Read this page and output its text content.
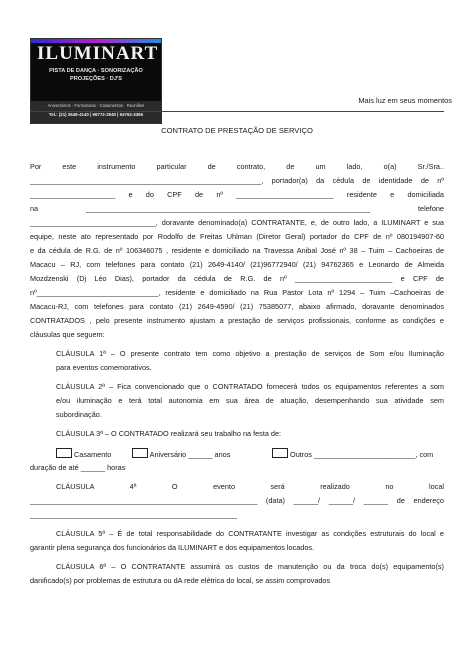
ILUMINART
PISTA DE DANÇA · SONORIZAÇÃO
PROJEÇÕES · DJ'S
Aniversários · Formaturas · Casamentos · Reuniões
Tel.: (21) 2649-4140 | 96772-2940 | 94762-3365
Mais luz em seus momentos
CONTRATO DE PRESTAÇÃO DE SERVIÇO
Por este instrumento particular de contrato, de um lado, o(a) Sr./Sra..
_________________________________________________________, portador(a) da cédula de identidade de nº
_____________________ e do CPF de nº ________________________ residente e domiciliada
na ______________________________________________________________________ telefone
_______________________________, doravante denominado(a) CONTRATANTE, e, de outro lado, a ILUMINART e sua
equipe, neste ato representado por Rodolfo de Freitas Uhlman (Diretor Geral) portador do CPF de nº 080194907-60
e da cédula de R.G. de nº 106346075 , residente e domiciliado na Travessa Anibal José nº 38 – Tuim – Cachoeiras de
Macacu – RJ, com telefones para contato (21) 2649-4140/ (21)96772940/ (21) 94762365 e Leonardo de Almeida
Mozdzenski (Dj Léo Dias), portador da cédula de R.G. de nº ________________________ e CPF de
nº______________________________, residente e domiciliado na Rua Pastor Lota nº 1294 – Tuim –Cachoeiras de
Macacu-RJ, com telefones para contato (21) 2649-4590/ (21) 75385077, abaixo afirmado, doravante denominados
CONTRATADOS , pelo presente instrumento ajustam a prestação de serviços profissionais, conforme as condições e
cláusulas que seguem:
CLÁUSULA 1ª – O presente contrato tem como objetivo a prestação de serviços de Som e/ou Iluminação
para eventos comemorativos.
CLÁUSULA 2ª – Fica convencionado que o CONTRATADO fornecerá todos os equipamentos referentes a som
e/ou iluminação e terá total autonomia em sua área de atuação, desempenhando sua atividade sem
subordinação.
CLÁUSULA 3ª – O CONTRATADO realizará seu trabalho na festa de:
Casamento	Aniversário ______ anos	Outros _________________________, com
duração de até ______ horas
CLÁUSULA 4ª O evento será realizado no local
________________________________________________________ (data) ______/ ______/ ______ de endereço
___________________________________________________
CLÁUSULA 5ª – É de total responsabilidade do CONTRATANTE investigar as condições estruturais do local e
garantir plena segurança dos funcionários da ILUMINART e dos equipamentos locados.
CLÁUSULA 6ª – O CONTRATANTE assumirá os custos de manutenção ou da troca do(s) equipamento(s)
danificado(s) por problemas de estrutura ou dA rede elétrica do local, se assim comprovados
